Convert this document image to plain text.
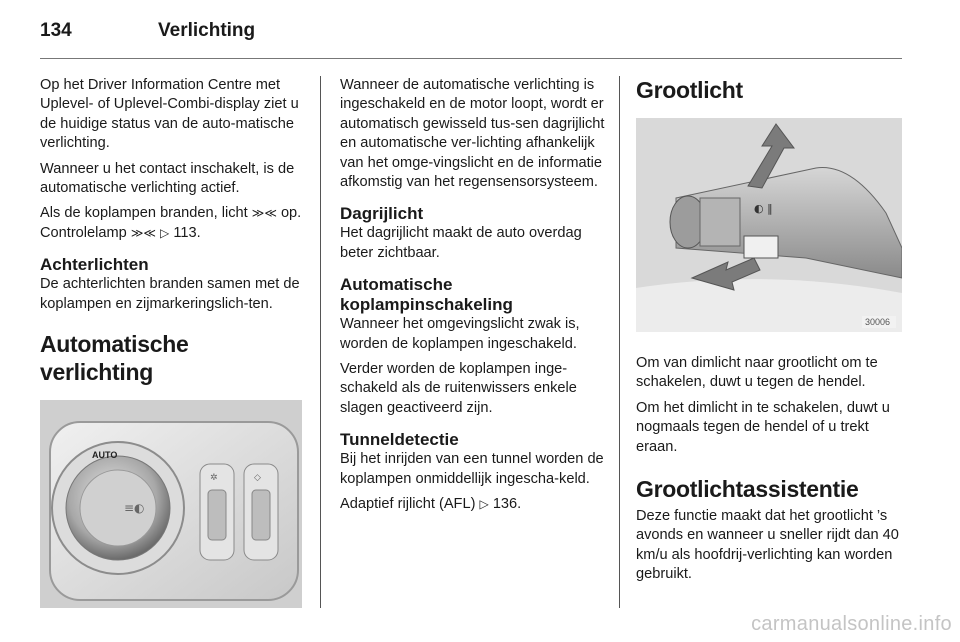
134	Verlichting

Op het Driver Information Centre met Uplevel- of Uplevel-Combi-display ziet u de huidige status van de auto-matische verlichting.

Wanneer u het contact inschakelt, is de automatische verlichting actief.

Als de koplampen branden, licht ≫≪ op. Controlelamp ≫≪ ▷ 113.

Achterlichten

De achterlichten branden samen met de koplampen en zijmarkeringslich-ten.

Automatische verlichting
AUTO
≡◐
✲	◇

Wanneer de automatische verlichting is ingeschakeld en de motor loopt, wordt er automatisch gewisseld tus-sen dagrijlicht en automatische ver-lichting afhankelijk van het omge-vingslicht en de informatie afkomstig van het regensensorsysteem.

Dagrijlicht

Het dagrijlicht maakt de auto overdag beter zichtbaar.

Automatische koplampinschakeling

Wanneer het omgevingslicht zwak is, worden de koplampen ingeschakeld.

Verder worden de koplampen inge-schakeld als de ruitenwissers enkele slagen geactiveerd zijn.

Tunneldetectie

Bij het inrijden van een tunnel worden de koplampen onmiddellijk ingescha-keld.

Adaptief rijlicht (AFL) ▷ 136.

Grootlicht
◐ ‖
30006

Om van dimlicht naar grootlicht om te schakelen, duwt u tegen de hendel.

Om het dimlicht in te schakelen, duwt u nogmaals tegen de hendel of u trekt eraan.

Grootlichtassistentie

Deze functie maakt dat het grootlicht ’s avonds en wanneer u sneller rijdt dan 40 km/u als hoofdrij-verlichting kan worden gebruikt.

carmanualsonline.info
